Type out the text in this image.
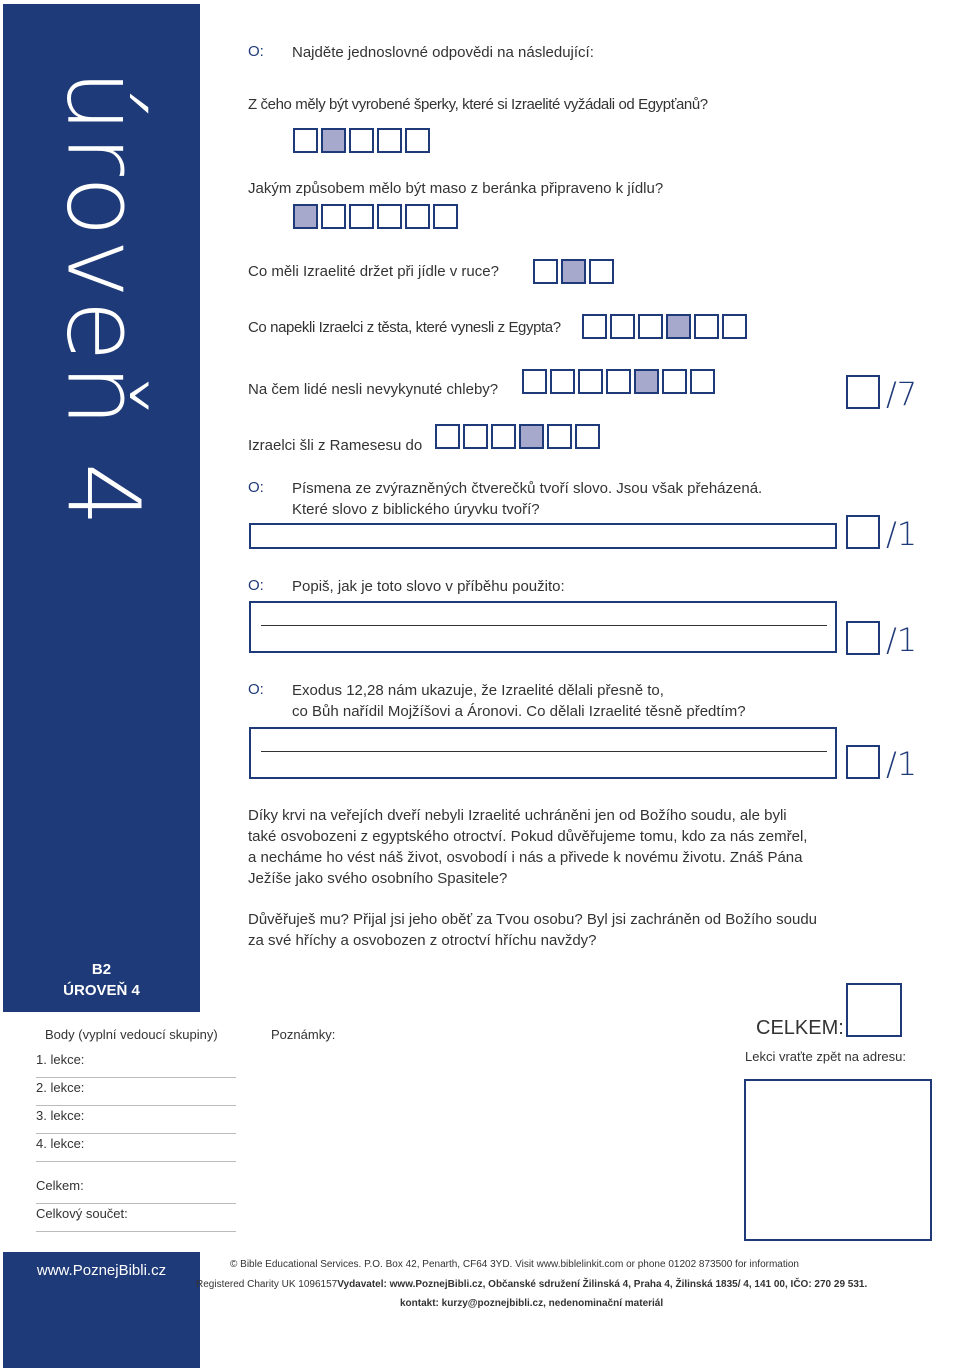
úroveň 4
B2
ÚROVEŇ 4
O: Najděte jednoslovné odpovědi na následující:
Z čeho měly být vyrobené šperky, které si Izraelité vyžádali od Egypťanů?
Jakým způsobem mělo být maso z beránka připraveno k jídlu?
Co měli Izraelité držet při jídle v ruce?
Co napekli Izraelci z těsta, které vynesli z Egypta?
Na čem lidé nesli nevykynuté chleby?
Izraelci šli z Ramesesu do
/7
O: Písmena ze zvýrazněných čtverečků tvoří slovo. Jsou však přeházená.
Které slovo z biblického úryvku tvoří?
/1
O: Popiš, jak je toto slovo v příběhu použito:
/1
O: Exodus 12,28 nám ukazuje, že Izraelité dělali přesně to,
co Bůh nařídil Mojžíšovi a Áronovi. Co dělali Izraelité těsně předtím?
/1
Díky krvi na veřejích dveří nebyli Izraelité uchráněni jen od Božího soudu, ale byli
také osvobozeni z egyptského otroctví. Pokud důvěřujeme tomu, kdo za nás zemřel,
a necháme ho vést náš život, osvobodí i nás a přivede k novému životu. Znáš Pána
Ježíše jako svého osobního Spasitele?
Důvěřuješ mu? Přijal jsi jeho oběť za Tvou osobu? Byl jsi zachráněn od Božího soudu
za své hříchy a osvobozen z otroctví hříchu navždy?
Body (vyplní vedoucí skupiny)
1. lekce:
2. lekce:
3. lekce:
4. lekce:
Celkem:
Celkový součet:
Poznámky:	CELKEM:
Lekci vraťte zpět na adresu:
www.PoznejBibli.cz	© Bible Educational Services. P.O. Box 42, Penarth, CF64 3YD. Visit www.biblelinkit.com or phone 01202 873500 for information
Registered Charity UK 1096157Vydavatel: www.PoznejBibli.cz, Občanské sdružení Žilinská 4, Praha 4, Žilinská 1835/ 4, 141 00, IČO: 270 29 531.
kontakt: kurzy@poznejbibli.cz, nedenominační materiál
